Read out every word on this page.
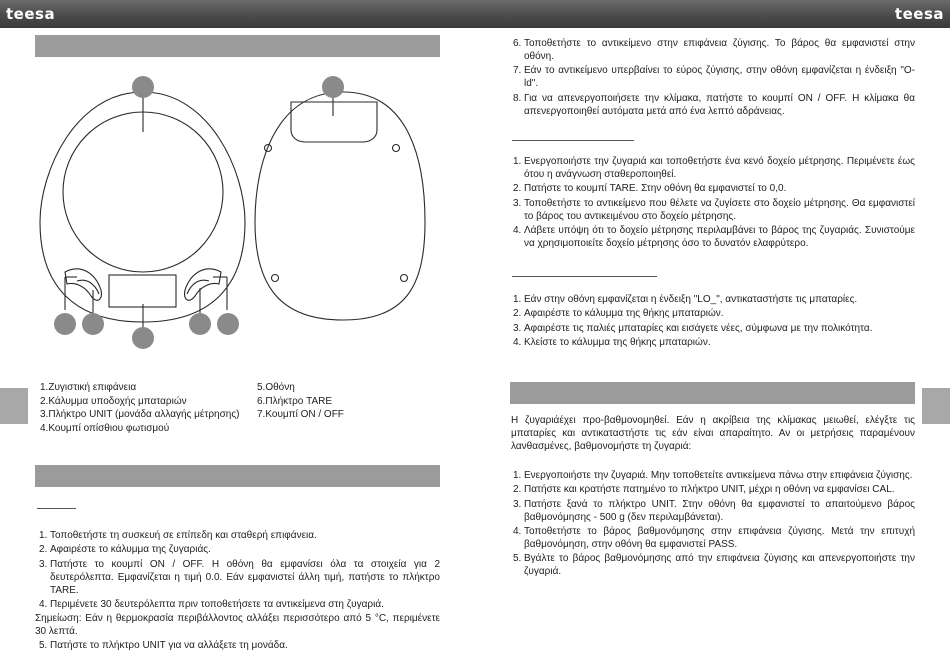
teesa	teesa
1.Ζυγιστική επιφάνεια
2.Κάλυμμα υποδοχής μπαταριών
3.Πλήκτρο UNIT (μονάδα αλλαγής μέτρησης)
4.Κουμπί οπίσθιου φωτισμού
5.Οθόνη
6.Πλήκτρο TARE
7.Κουμπί ON / OFF
1. Τοποθετήστε τη συσκευή σε επίπεδη και σταθερή επιφάνεια.
2. Αφαιρέστε το κάλυμμα της ζυγαριάς.
3. Πατήστε το κουμπί ON / OFF. Η οθόνη θα εμφανίσει όλα τα στοιχεία για 2 δευτερόλεπτα. Εμφανίζεται η τιμή 0.0. Εάν εμφανιστεί άλλη τιμή, πατήστε το πλήκτρο TARE.
4. Περιμένετε 30 δευτερόλεπτα πριν τοποθετήσετε τα αντικείμενα στη ζυγαριά.
Σημείωση: Εάν η θερμοκρασία περιβάλλοντος αλλάξει περισσότερο από 5 °C, περιμένετε 30 λεπτά.
5. Πατήστε το πλήκτρο UNIT για να αλλάξετε τη μονάδα.
6. Τοποθετήστε το αντικείμενο στην επιφάνεια ζύγισης. Το βάρος θα εμφανιστεί στην οθόνη.
7. Εάν το αντικείμενο υπερβαίνει το εύρος ζύγισης, στην οθόνη εμφανίζεται η ένδειξη "O-ld".
8. Για να απενεργοποιήσετε την κλίμακα, πατήστε το κουμπί ON / OFF. Η κλίμακα θα απενεργοποιηθεί αυτόματα μετά από ένα λεπτό αδράνειας.
1. Ενεργοποιήστε την ζυγαριά και τοποθετήστε ένα κενό δοχείο μέτρησης. Περιμένετε έως ότου η ανάγνωση σταθεροποιηθεί.
2. Πατήστε το κουμπί TARE. Στην οθόνη θα εμφανιστεί το 0,0.
3. Τοποθετήστε το αντικείμενο που θέλετε να ζυγίσετε στο δοχείο μέτρησης. Θα εμφανιστεί το βάρος του αντικειμένου στο δοχείο μέτρησης.
4. Λάβετε υπόψη ότι το δοχείο μέτρησης περιλαμβάνει το βάρος της ζυγαριάς. Συνιστούμε να χρησιμοποιείτε δοχείο μέτρησης όσο το δυνατόν ελαφρύτερο.
1. Εάν στην οθόνη εμφανίζεται η ένδειξη "LO_", αντικαταστήστε τις μπαταρίες.
2. Αφαιρέστε το κάλυμμα της θήκης μπαταριών.
3. Αφαιρέστε τις παλιές μπαταρίες και εισάγετε νέες, σύμφωνα με την πολικότητα.
4. Κλείστε το κάλυμμα της θήκης μπαταριών.
Η ζυγαριάέχει προ-βαθμονομηθεί. Εάν η ακρίβεια της κλίμακας μειωθεί, ελέγξτε τις μπαταρίες και αντικαταστήστε τις εάν είναι απαραίτητο. Αν οι μετρήσεις παραμένουν λανθασμένες, βαθμονομήστε τη ζυγαριά:
1. Ενεργοποιήστε την ζυγαριά. Μην τοποθετείτε αντικείμενα πάνω στην επιφάνεια ζύγισης.
2. Πατήστε και κρατήστε πατημένο το πλήκτρο UNIT, μέχρι η οθόνη να εμφανίσει CAL.
3. Πατήστε ξανά το πλήκτρο UNIT. Στην οθόνη θα εμφανιστεί το απαιτούμενο βάρος βαθμονόμησης - 500 g (δεν περιλαμβάνεται).
4. Τοποθετήστε το βάρος βαθμονόμησης στην επιφάνεια ζύγισης. Μετά την επιτυχή βαθμονόμηση, στην οθόνη θα εμφανιστεί PASS.
5. Βγάλτε το βάρος βαθμονόμησης από την επιφάνεια ζύγισης και απενεργοποιήστε την ζυγαριά.
